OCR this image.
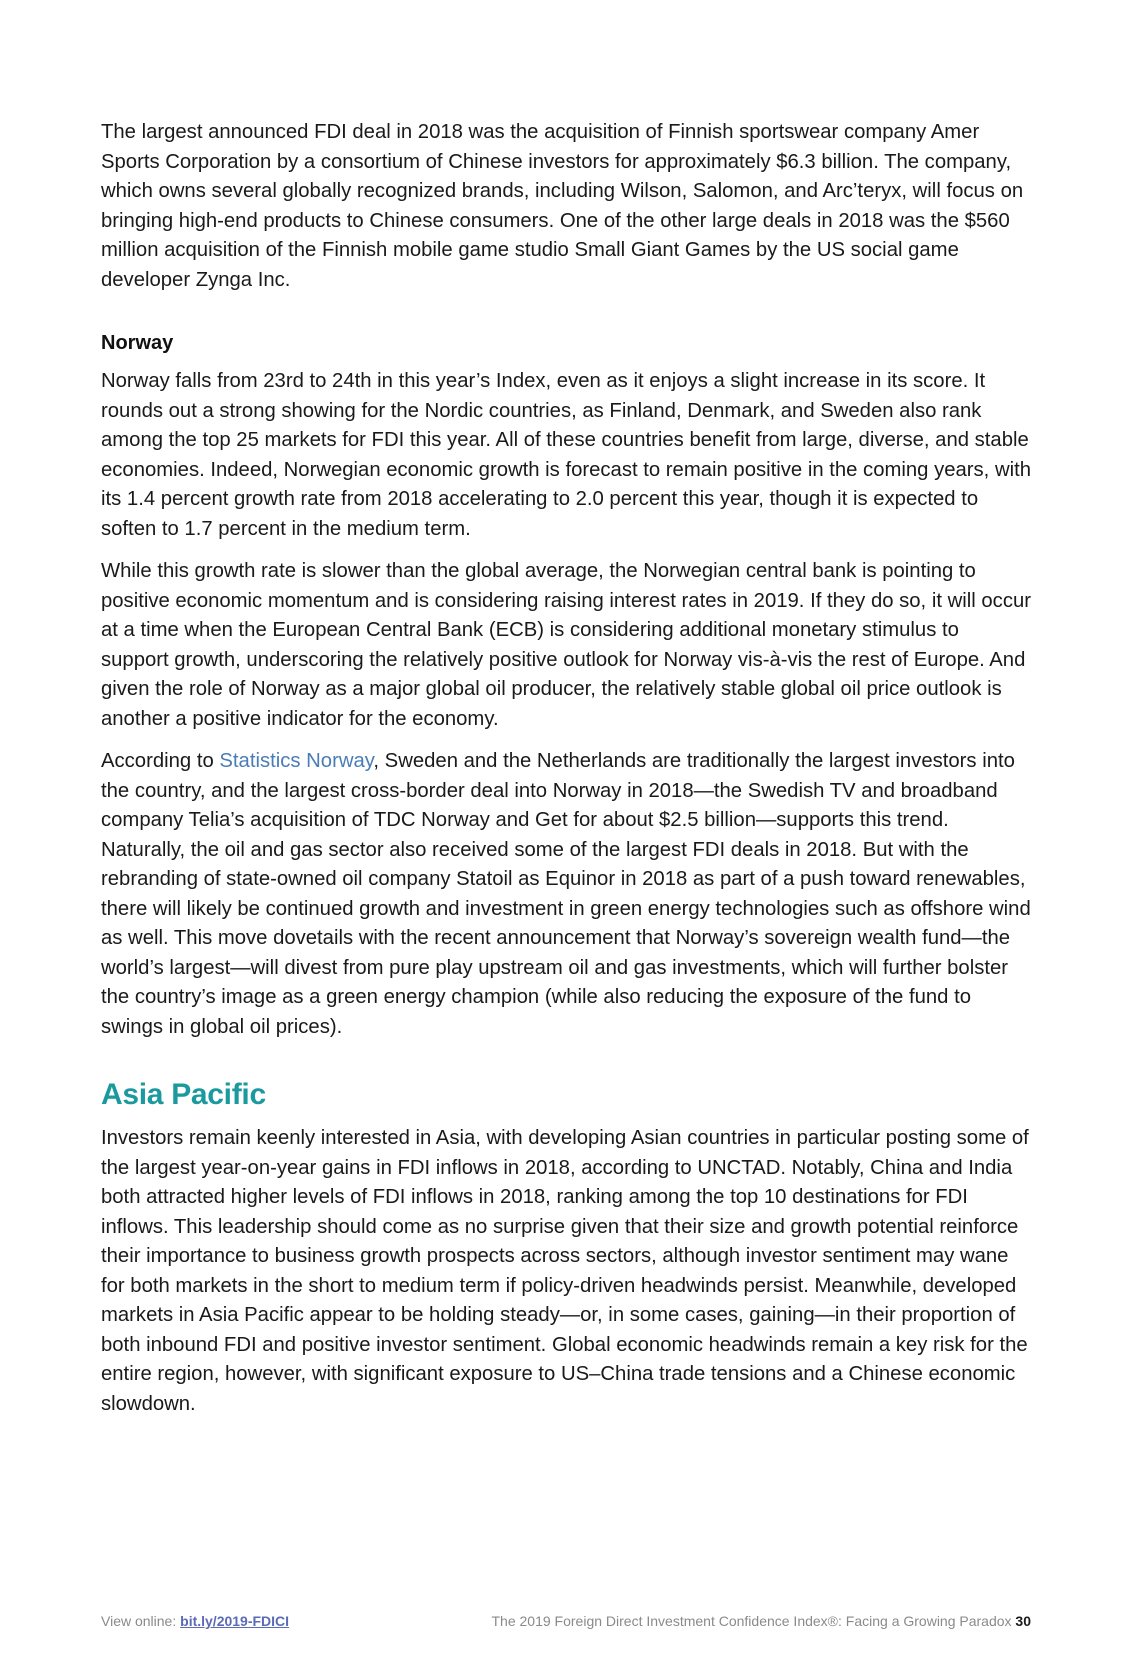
The largest announced FDI deal in 2018 was the acquisition of Finnish sportswear company Amer Sports Corporation by a consortium of Chinese investors for approximately $6.3 billion. The company, which owns several globally recognized brands, including Wilson, Salomon, and Arc’teryx, will focus on bringing high-end products to Chinese consumers. One of the other large deals in 2018 was the $560 million acquisition of the Finnish mobile game studio Small Giant Games by the US social game developer Zynga Inc.

Norway

Norway falls from 23rd to 24th in this year’s Index, even as it enjoys a slight increase in its score. It rounds out a strong showing for the Nordic countries, as Finland, Denmark, and Sweden also rank among the top 25 markets for FDI this year. All of these countries benefit from large, diverse, and stable economies. Indeed, Norwegian economic growth is forecast to remain positive in the coming years, with its 1.4 percent growth rate from 2018 accelerating to 2.0 percent this year, though it is expected to soften to 1.7 percent in the medium term.

While this growth rate is slower than the global average, the Norwegian central bank is pointing to positive economic momentum and is considering raising interest rates in 2019. If they do so, it will occur at a time when the European Central Bank (ECB) is considering additional monetary stimulus to support growth, underscoring the relatively positive outlook for Norway vis-à-vis the rest of Europe. And given the role of Norway as a major global oil producer, the relatively stable global oil price outlook is another a positive indicator for the economy.

According to Statistics Norway, Sweden and the Netherlands are traditionally the largest investors into the country, and the largest cross-border deal into Norway in 2018—the Swedish TV and broadband company Telia’s acquisition of TDC Norway and Get for about $2.5 billion—supports this trend. Naturally, the oil and gas sector also received some of the largest FDI deals in 2018. But with the rebranding of state-owned oil company Statoil as Equinor in 2018 as part of a push toward renewables, there will likely be continued growth and investment in green energy technologies such as offshore wind as well. This move dovetails with the recent announcement that Norway’s sovereign wealth fund—the world’s largest—will divest from pure play upstream oil and gas investments, which will further bolster the country’s image as a green energy champion (while also reducing the exposure of the fund to swings in global oil prices).

Asia Pacific

Investors remain keenly interested in Asia, with developing Asian countries in particular posting some of the largest year-on-year gains in FDI inflows in 2018, according to UNCTAD. Notably, China and India both attracted higher levels of FDI inflows in 2018, ranking among the top 10 destinations for FDI inflows. This leadership should come as no surprise given that their size and growth potential reinforce their importance to business growth prospects across sectors, although investor sentiment may wane for both markets in the short to medium term if policy-driven headwinds persist. Meanwhile, developed markets in Asia Pacific appear to be holding steady—or, in some cases, gaining—in their proportion of both inbound FDI and positive investor sentiment. Global economic headwinds remain a key risk for the entire region, however, with significant exposure to US–China trade tensions and a Chinese economic slowdown.

View online: bit.ly/2019-FDICI	The 2019 Foreign Direct Investment Confidence Index®: Facing a Growing Paradox 30
